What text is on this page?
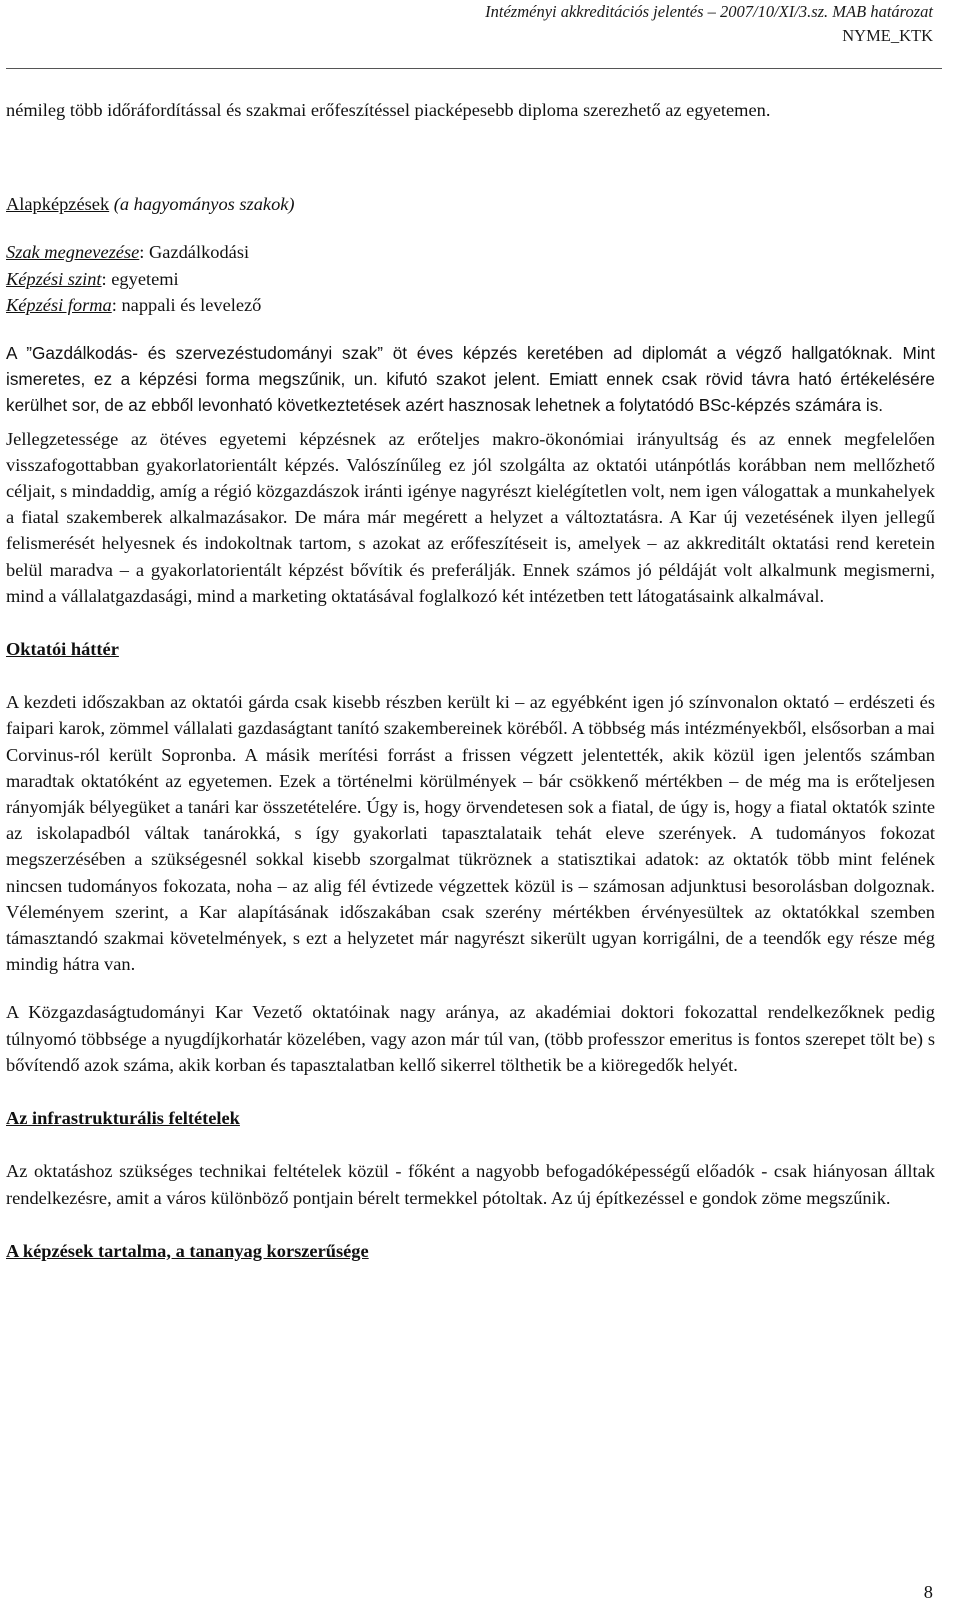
Intézményi akkreditációs jelentés – 2007/10/XI/3.sz. MAB határozat
NYME_KTK

némileg több időráfordítással és szakmai erőfeszítéssel piacképesebb diploma szerezhető az egyetemen.

Alapképzések (a hagyományos szakok)

Szak megnevezése: Gazdálkodási

Képzési szint: egyetemi

Képzési forma: nappali és levelező

A ”Gazdálkodás- és szervezéstudományi szak” öt éves képzés keretében ad diplomát a végző hallgatóknak. Mint ismeretes, ez a képzési forma megszűnik, un. kifutó szakot jelent. Emiatt ennek csak rövid távra ható értékelésére kerülhet sor, de az ebből levonható következtetések azért hasznosak lehetnek a folytatódó BSc-képzés számára is.

Jellegzetessége az ötéves egyetemi képzésnek az erőteljes makro-ökonómiai irányultság és az ennek megfelelően visszafogottabban gyakorlatorientált képzés. Valószínűleg ez jól szolgálta az oktatói utánpótlás korábban nem mellőzhető céljait, s mindaddig, amíg a régió közgazdászok iránti igénye nagyrészt kielégítetlen volt, nem igen válogattak a munkahelyek a fiatal szakemberek alkalmazásakor. De mára már megérett a helyzet a változtatásra. A Kar új vezetésének ilyen jellegű felismerését helyesnek és indokoltnak tartom, s azokat az erőfeszítéseit is, amelyek – az akkreditált oktatási rend keretein belül maradva – a gyakorlatorientált képzést bővítik és preferálják. Ennek számos jó példáját volt alkalmunk megismerni, mind a vállalatgazdasági, mind a marketing oktatásával foglalkozó két intézetben tett látogatásaink alkalmával.

Oktatói háttér

A kezdeti időszakban az oktatói gárda csak kisebb részben került ki – az egyébként igen jó színvonalon oktató – erdészeti és faipari karok, zömmel vállalati gazdaságtant tanító szakembereinek köréből. A többség más intézményekből, elsősorban a mai Corvinus-ról került Sopronba. A másik merítési forrást a frissen végzett jelentették, akik közül igen jelentős számban maradtak oktatóként az egyetemen. Ezek a történelmi körülmények – bár csökkenő mértékben – de még ma is erőteljesen rányomják bélyegüket a tanári kar összetételére. Úgy is, hogy örvendetesen sok a fiatal, de úgy is, hogy a fiatal oktatók szinte az iskolapadból váltak tanárokká, s így gyakorlati tapasztalataik tehát eleve szerények. A tudományos fokozat megszerzésében a szükségesnél sokkal kisebb szorgalmat tükröznek a statisztikai adatok: az oktatók több mint felének nincsen tudományos fokozata, noha – az alig fél évtizede végzettek közül is – számosan adjunktusi besorolásban dolgoznak. Véleményem szerint, a Kar alapításának időszakában csak szerény mértékben érvényesültek az oktatókkal szemben támasztandó szakmai követelmények, s ezt a helyzetet már nagyrészt sikerült ugyan korrigálni, de a teendők egy része még mindig hátra van.

A Közgazdaságtudományi Kar Vezető oktatóinak nagy aránya, az akadémiai doktori fokozattal rendelkezőknek pedig túlnyomó többsége a nyugdíjkorhatár közelében, vagy azon már túl van, (több professzor emeritus is fontos szerepet tölt be) s bővítendő azok száma, akik korban és tapasztalatban kellő sikerrel tölthetik be a kiöregedők helyét.

Az infrastrukturális feltételek

Az oktatáshoz szükséges technikai feltételek közül - főként a nagyobb befogadóképességű előadók - csak hiányosan álltak rendelkezésre, amit a város különböző pontjain bérelt termekkel pótoltak. Az új építkezéssel e gondok zöme megszűnik.

A képzések tartalma, a tananyag korszerűsége

8
